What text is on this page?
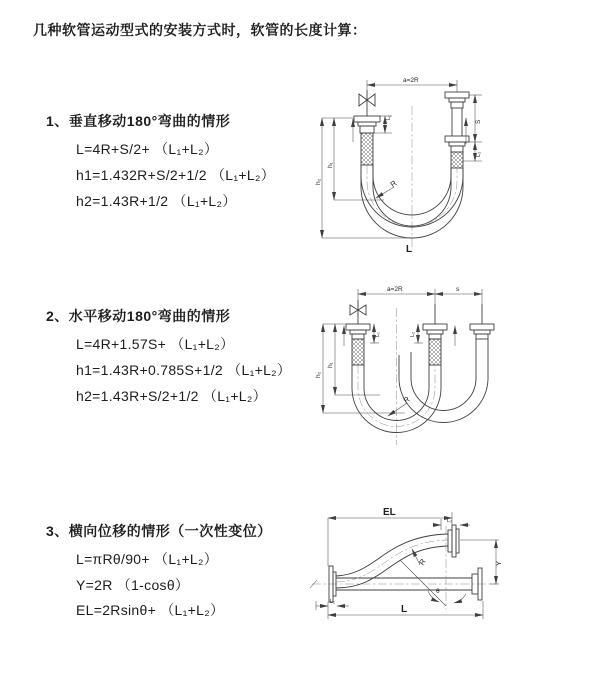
几种软管运动型式的安装方式时，软管的长度计算：
1、垂直移动180°弯曲的情形
L=4R+S/2+ （L₁+L₂）
h1=1.432R+S/2+1/2 （L₁+L₂）
h2=1.43R+1/2 （L₁+L₂）
a=2R
L₁
S
L₂
h₁
h₂	R
L
2、水平移动180°弯曲的情形
L=4R+1.57S+ （L₁+L₂）
h1=1.43R+0.785S+1/2 （L₁+L₂）
h2=1.43R+S/2+1/2 （L₁+L₂）
a=2R	s
L₁	L₂
h₁
h₂
R
3、横向位移的情形（一次性变位）
L=πRθ/90+ （L₁+L₂）
Y=2R （1-cosθ）
EL=2Rsinθ+ （L₁+L₂）
EL
L₂
Y
R
θ
L
L₁
